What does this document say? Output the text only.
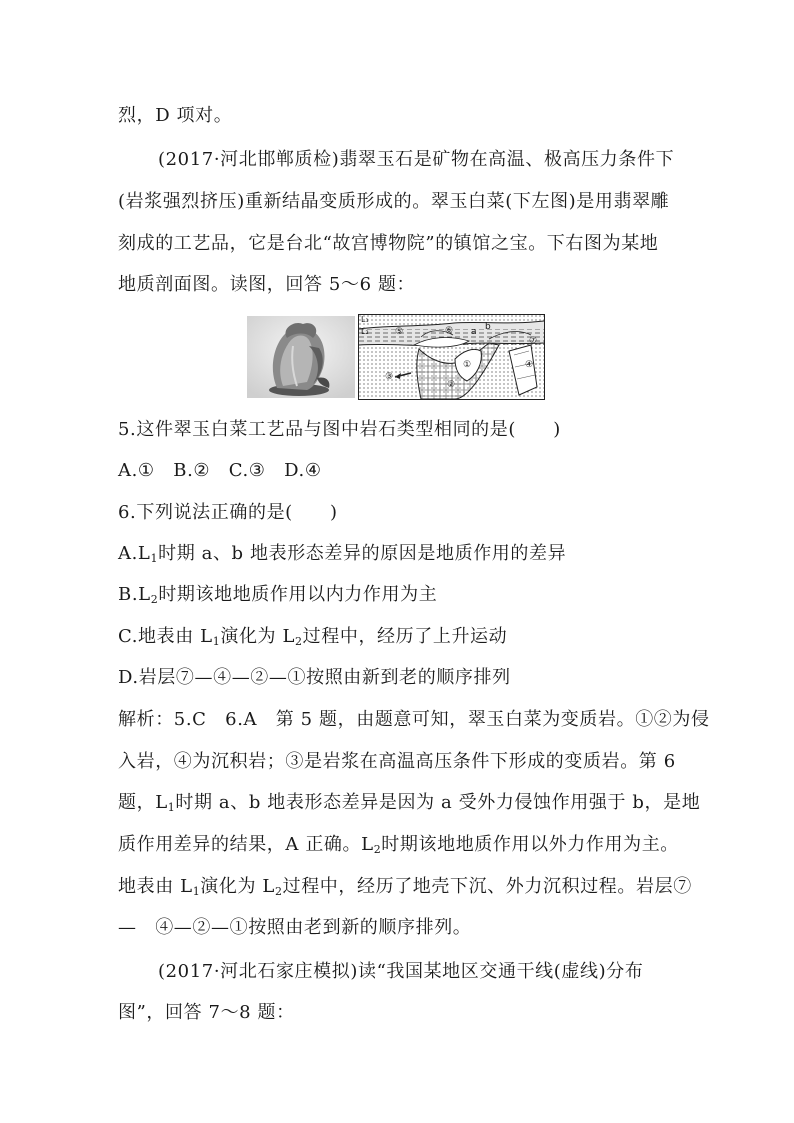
烈，D 项对。
(2017·河北邯郸质检)翡翠玉石是矿物在高温、极高压力条件下
(岩浆强烈挤压)重新结晶变质形成的。翠玉白菜(下左图)是用翡翠雕
刻成的工艺品，它是台北“故宫博物院”的镇馆之宝。下右图为某地
地质剖面图。读图，回答 5～6 题：
L₁
L₂	a b
⑤	⑥
⑦
①
②
③
④
5.这件翠玉白菜工艺品与图中岩石类型相同的是(　　)
A.①　B.②　C.③　D.④
6.下列说法正确的是(　　)
$A.L_1$时期 a、b 地表形态差异的原因是地质作用的差异
$B.L_2$时期该地地质作用以内力作用为主
C.地表由 $L_1$演化为 $L_2$过程中，经历了上升运动
D.岩层⑦—④—②—①按照由新到老的顺序排列
解析：5.C　6.A　第 5 题，由题意可知，翠玉白菜为变质岩。①②为侵
入岩，④为沉积岩；③是岩浆在高温高压条件下形成的变质岩。第 6
题，$L_1$时期 a、b 地表形态差异是因为 a 受外力侵蚀作用强于 b，是地
质作用差异的结果，A 正确。$L_2$时期该地地质作用以外力作用为主。
地表由 $L_1$演化为 $L_2$过程中，经历了地壳下沉、外力沉积过程。岩层⑦
—　④—②—①按照由老到新的顺序排列。
(2017·河北石家庄模拟)读“我国某地区交通干线(虚线)分布
图”，回答 7～8 题：
